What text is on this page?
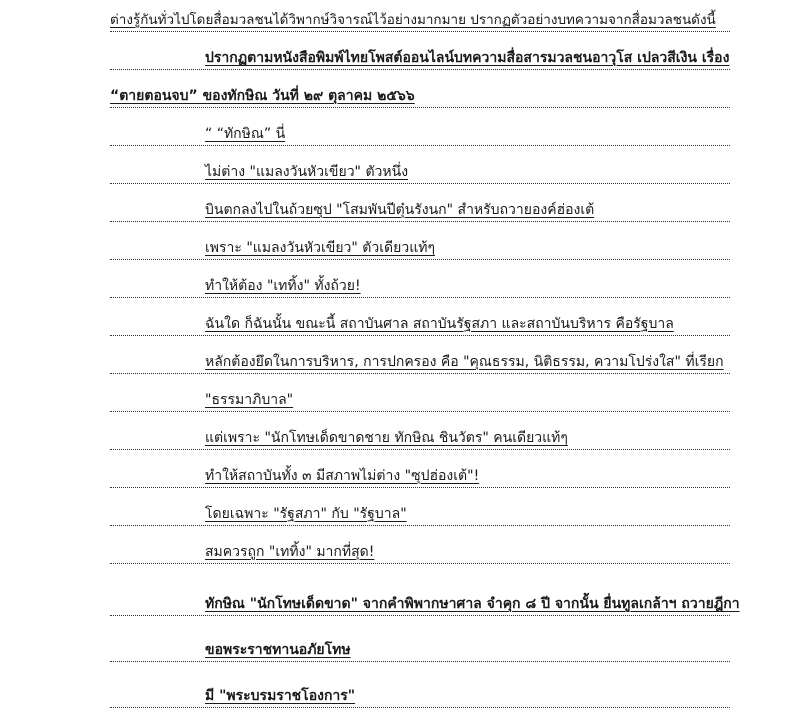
ต่างรู้กันทั่วไปโดยสื่อมวลชนได้วิพากษ์วิจารณ์ไว้อย่างมากมาย ปรากฏตัวอย่างบทความจากสื่อมวลชนดังนี้
ปรากฏตามหนังสือพิมพ์ไทยโพสต์ออนไลน์บทความสื่อสารมวลชนอาวุโส เปลวสีเงิน เรื่อง
“ตายตอนจบ” ของทักษิณ วันที่ ๒๙ ตุลาคม ๒๕๖๖
“ “ทักษิณ” นี่
ไม่ต่าง "แมลงวันหัวเขียว" ตัวหนึ่ง
บินตกลงไปในถ้วยซุป "โสมพันปีตุ๋นรังนก" สำหรับถวายองค์ฮ่องเต้
เพราะ "แมลงวันหัวเขียว" ตัวเดียวแท้ๆ
ทำให้ต้อง "เททิ้ง" ทั้งถ้วย!
ฉันใด ก็ฉันนั้น ขณะนี้ สถาบันศาล สถาบันรัฐสภา และสถาบันบริหาร คือรัฐบาล
หลักต้องยึดในการบริหาร, การปกครอง คือ "คุณธรรม, นิติธรรม, ความโปร่งใส" ที่เรียก
"ธรรมาภิบาล"
แต่เพราะ "นักโทษเด็ดขาดชาย ทักษิณ ชินวัตร" คนเดียวแท้ๆ
ทำให้สถาบันทั้ง ๓ มีสภาพไม่ต่าง "ซุปฮ่องเต้"!
โดยเฉพาะ "รัฐสภา" กับ "รัฐบาล"
สมควรถูก "เททิ้ง" มากที่สุด!
ทักษิณ "นักโทษเด็ดขาด" จากคำพิพากษาศาล จำคุก ๘ ปี จากนั้น ยื่นทูลเกล้าฯ ถวายฎีกา
ขอพระราชทานอภัยโทษ
มี "พระบรมราชโองการ"
